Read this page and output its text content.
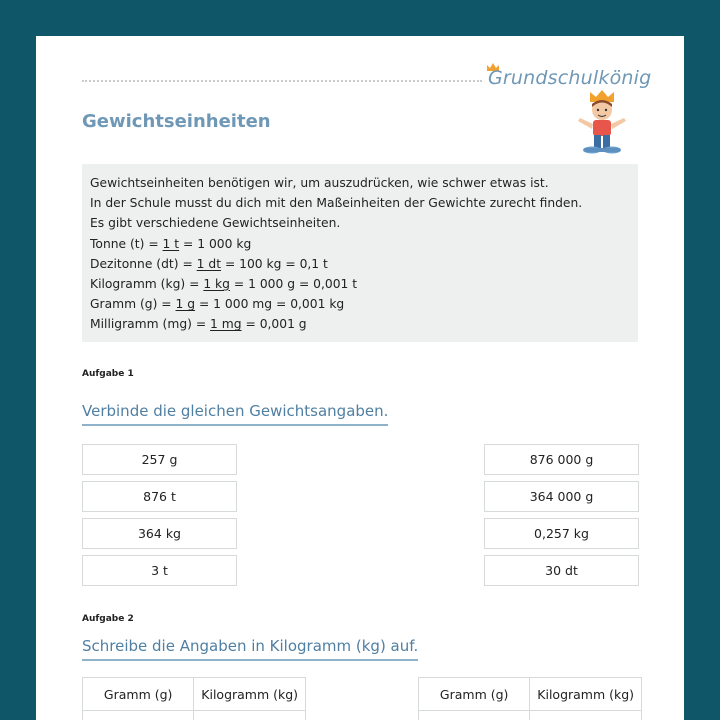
Grundschulkönig
Gewichtseinheiten
Gewichtseinheiten benötigen wir, um auszudrücken, wie schwer etwas ist.
In der Schule musst du dich mit den Maßeinheiten der Gewichte zurecht finden.
Es gibt verschiedene Gewichtseinheiten.
Tonne (t) = 1 t = 1 000 kg
Dezitonne (dt) = 1 dt = 100 kg = 0,1 t
Kilogramm (kg) = 1 kg = 1 000 g = 0,001 t
Gramm (g) = 1 g = 1 000 mg = 0,001 kg
Milligramm (mg) = 1 mg = 0,001 g
Aufgabe 1
Verbinde die gleichen Gewichtsangaben.
257 g
876 t
364 kg
3 t
876 000 g
364 000 g
0,257 kg
30 dt
Aufgabe 2
Schreibe die Angaben in Kilogramm (kg) auf.
Gramm (g)	Kilogramm (kg)
		Gramm (g)	Kilogramm (kg)
